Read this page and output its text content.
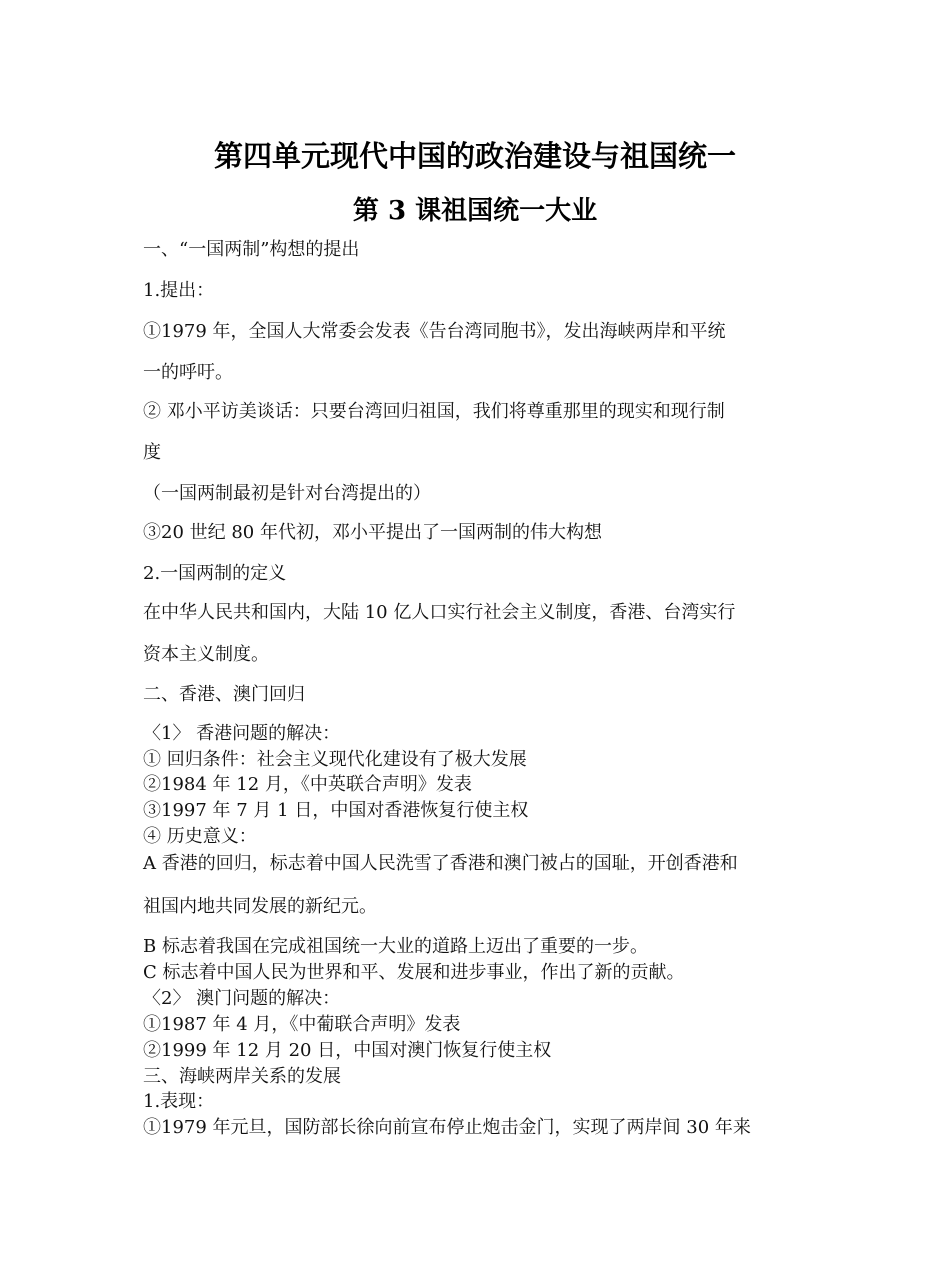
第四单元现代中国的政治建设与祖国统一
第 3 课祖国统一大业
一、“一国两制”构想的提出
1.提出：
①1979 年，全国人大常委会发表《告台湾同胞书》，发出海峡两岸和平统
一的呼吁。
② 邓小平访美谈话：只要台湾回归祖国，我们将尊重那里的现实和现行制
度
（一国两制最初是针对台湾提出的）
③20 世纪 80 年代初，邓小平提出了一国两制的伟大构想
2.一国两制的定义
在中华人民共和国内，大陆 10 亿人口实行社会主义制度，香港、台湾实行
资本主义制度。
二、香港、澳门回归
〈1〉 香港问题的解决：
① 回归条件：社会主义现代化建设有了极大发展
②1984 年 12 月，《中英联合声明》发表
③1997 年 7 月 1 日，中国对香港恢复行使主权
④ 历史意义：
A 香港的回归，标志着中国人民洗雪了香港和澳门被占的国耻，开创香港和
祖国内地共同发展的新纪元。
B 标志着我国在完成祖国统一大业的道路上迈出了重要的一步。
C 标志着中国人民为世界和平、发展和进步事业，作出了新的贡献。
〈2〉 澳门问题的解决：
①1987 年 4 月，《中葡联合声明》发表
②1999 年 12 月 20 日，中国对澳门恢复行使主权
三、海峡两岸关系的发展
1.表现：
①1979 年元旦，国防部长徐向前宣布停止炮击金门，实现了两岸间 30 年来
